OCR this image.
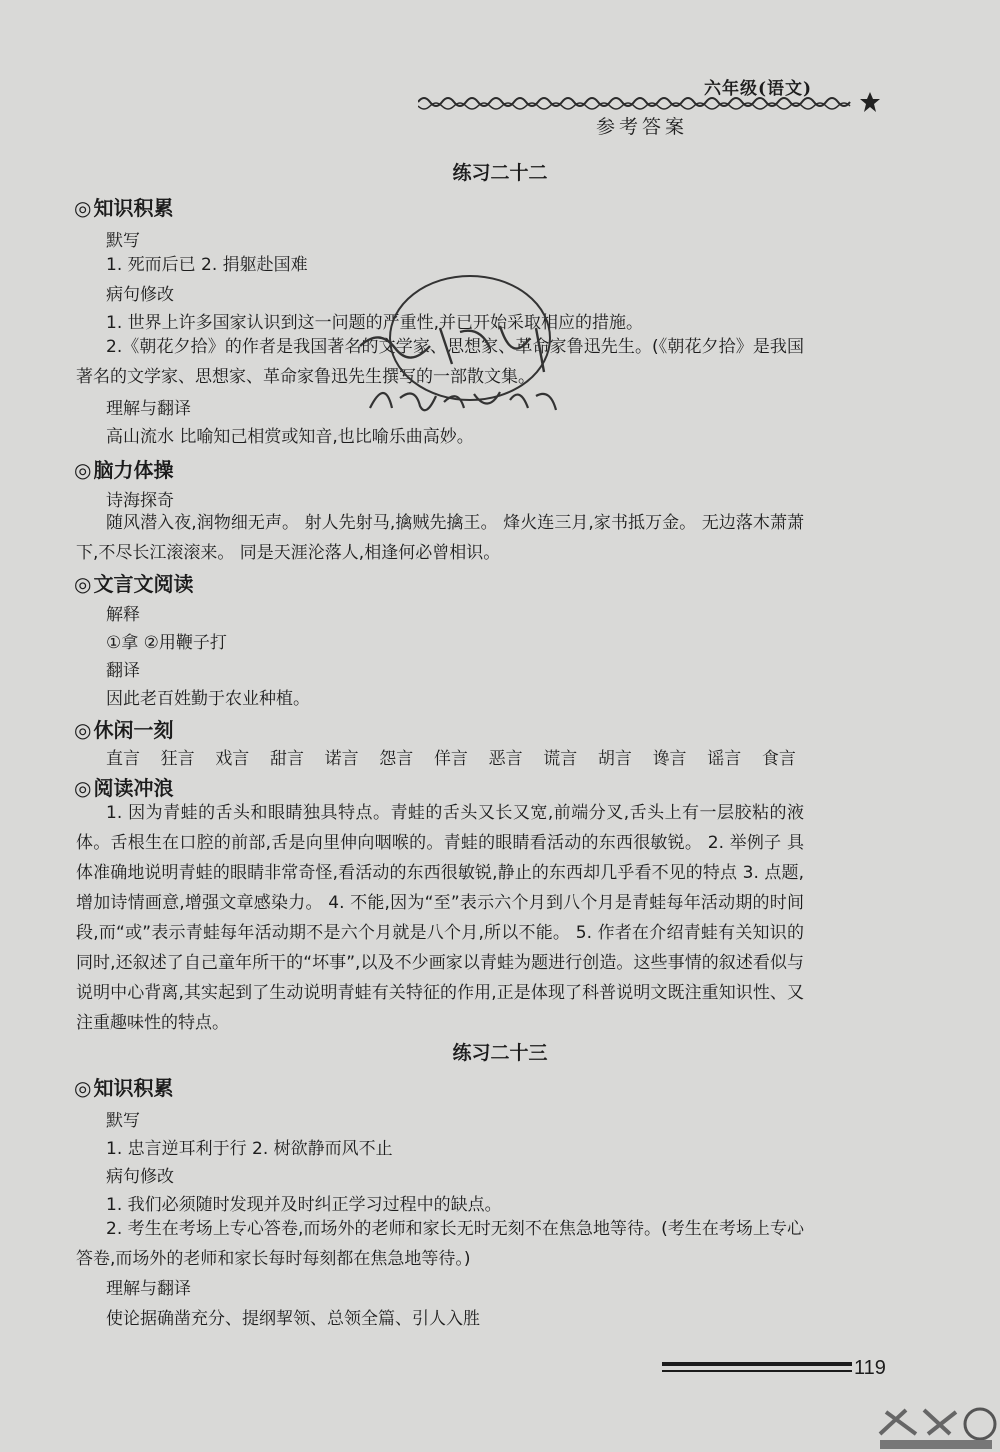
六年级(语文)
参考答案
练习二十二
◎ 知识积累
默写
1. 死而后已 2. 捐躯赴国难
病句修改
1. 世界上许多国家认识到这一问题的严重性,并已开始采取相应的措施。
2.《朝花夕拾》的作者是我国著名的文学家、思想家、革命家鲁迅先生。(《朝花夕拾》是我国著名的文学家、思想家、革命家鲁迅先生撰写的一部散文集。
理解与翻译
高山流水 比喻知己相赏或知音,也比喻乐曲高妙。
◎ 脑力体操
诗海探奇
随风潜入夜,润物细无声。 射人先射马,擒贼先擒王。 烽火连三月,家书抵万金。 无边落木萧萧下,不尽长江滚滚来。 同是天涯沦落人,相逢何必曾相识。
◎ 文言文阅读
解释
①拿 ②用鞭子打
翻译
因此老百姓勤于农业种植。
◎ 休闲一刻
直言 狂言 戏言 甜言 诺言 怨言 佯言 恶言 谎言 胡言 谗言 谣言 食言
◎ 阅读冲浪
1. 因为青蛙的舌头和眼睛独具特点。青蛙的舌头又长又宽,前端分叉,舌头上有一层胶粘的液体。舌根生在口腔的前部,舌是向里伸向咽喉的。青蛙的眼睛看活动的东西很敏锐。 2. 举例子 具体准确地说明青蛙的眼睛非常奇怪,看活动的东西很敏锐,静止的东西却几乎看不见的特点 3. 点题,增加诗情画意,增强文章感染力。 4. 不能,因为“至”表示六个月到八个月是青蛙每年活动期的时间段,而“或”表示青蛙每年活动期不是六个月就是八个月,所以不能。 5. 作者在介绍青蛙有关知识的同时,还叙述了自己童年所干的“坏事”,以及不少画家以青蛙为题进行创造。这些事情的叙述看似与说明中心背离,其实起到了生动说明青蛙有关特征的作用,正是体现了科普说明文既注重知识性、又注重趣味性的特点。
练习二十三
◎ 知识积累
默写
1. 忠言逆耳利于行 2. 树欲静而风不止
病句修改
1. 我们必须随时发现并及时纠正学习过程中的缺点。
2. 考生在考场上专心答卷,而场外的老师和家长无时无刻不在焦急地等待。(考生在考场上专心答卷,而场外的老师和家长每时每刻都在焦急地等待。)
理解与翻译
使论据确凿充分、提纲挈领、总领全篇、引人入胜
119
